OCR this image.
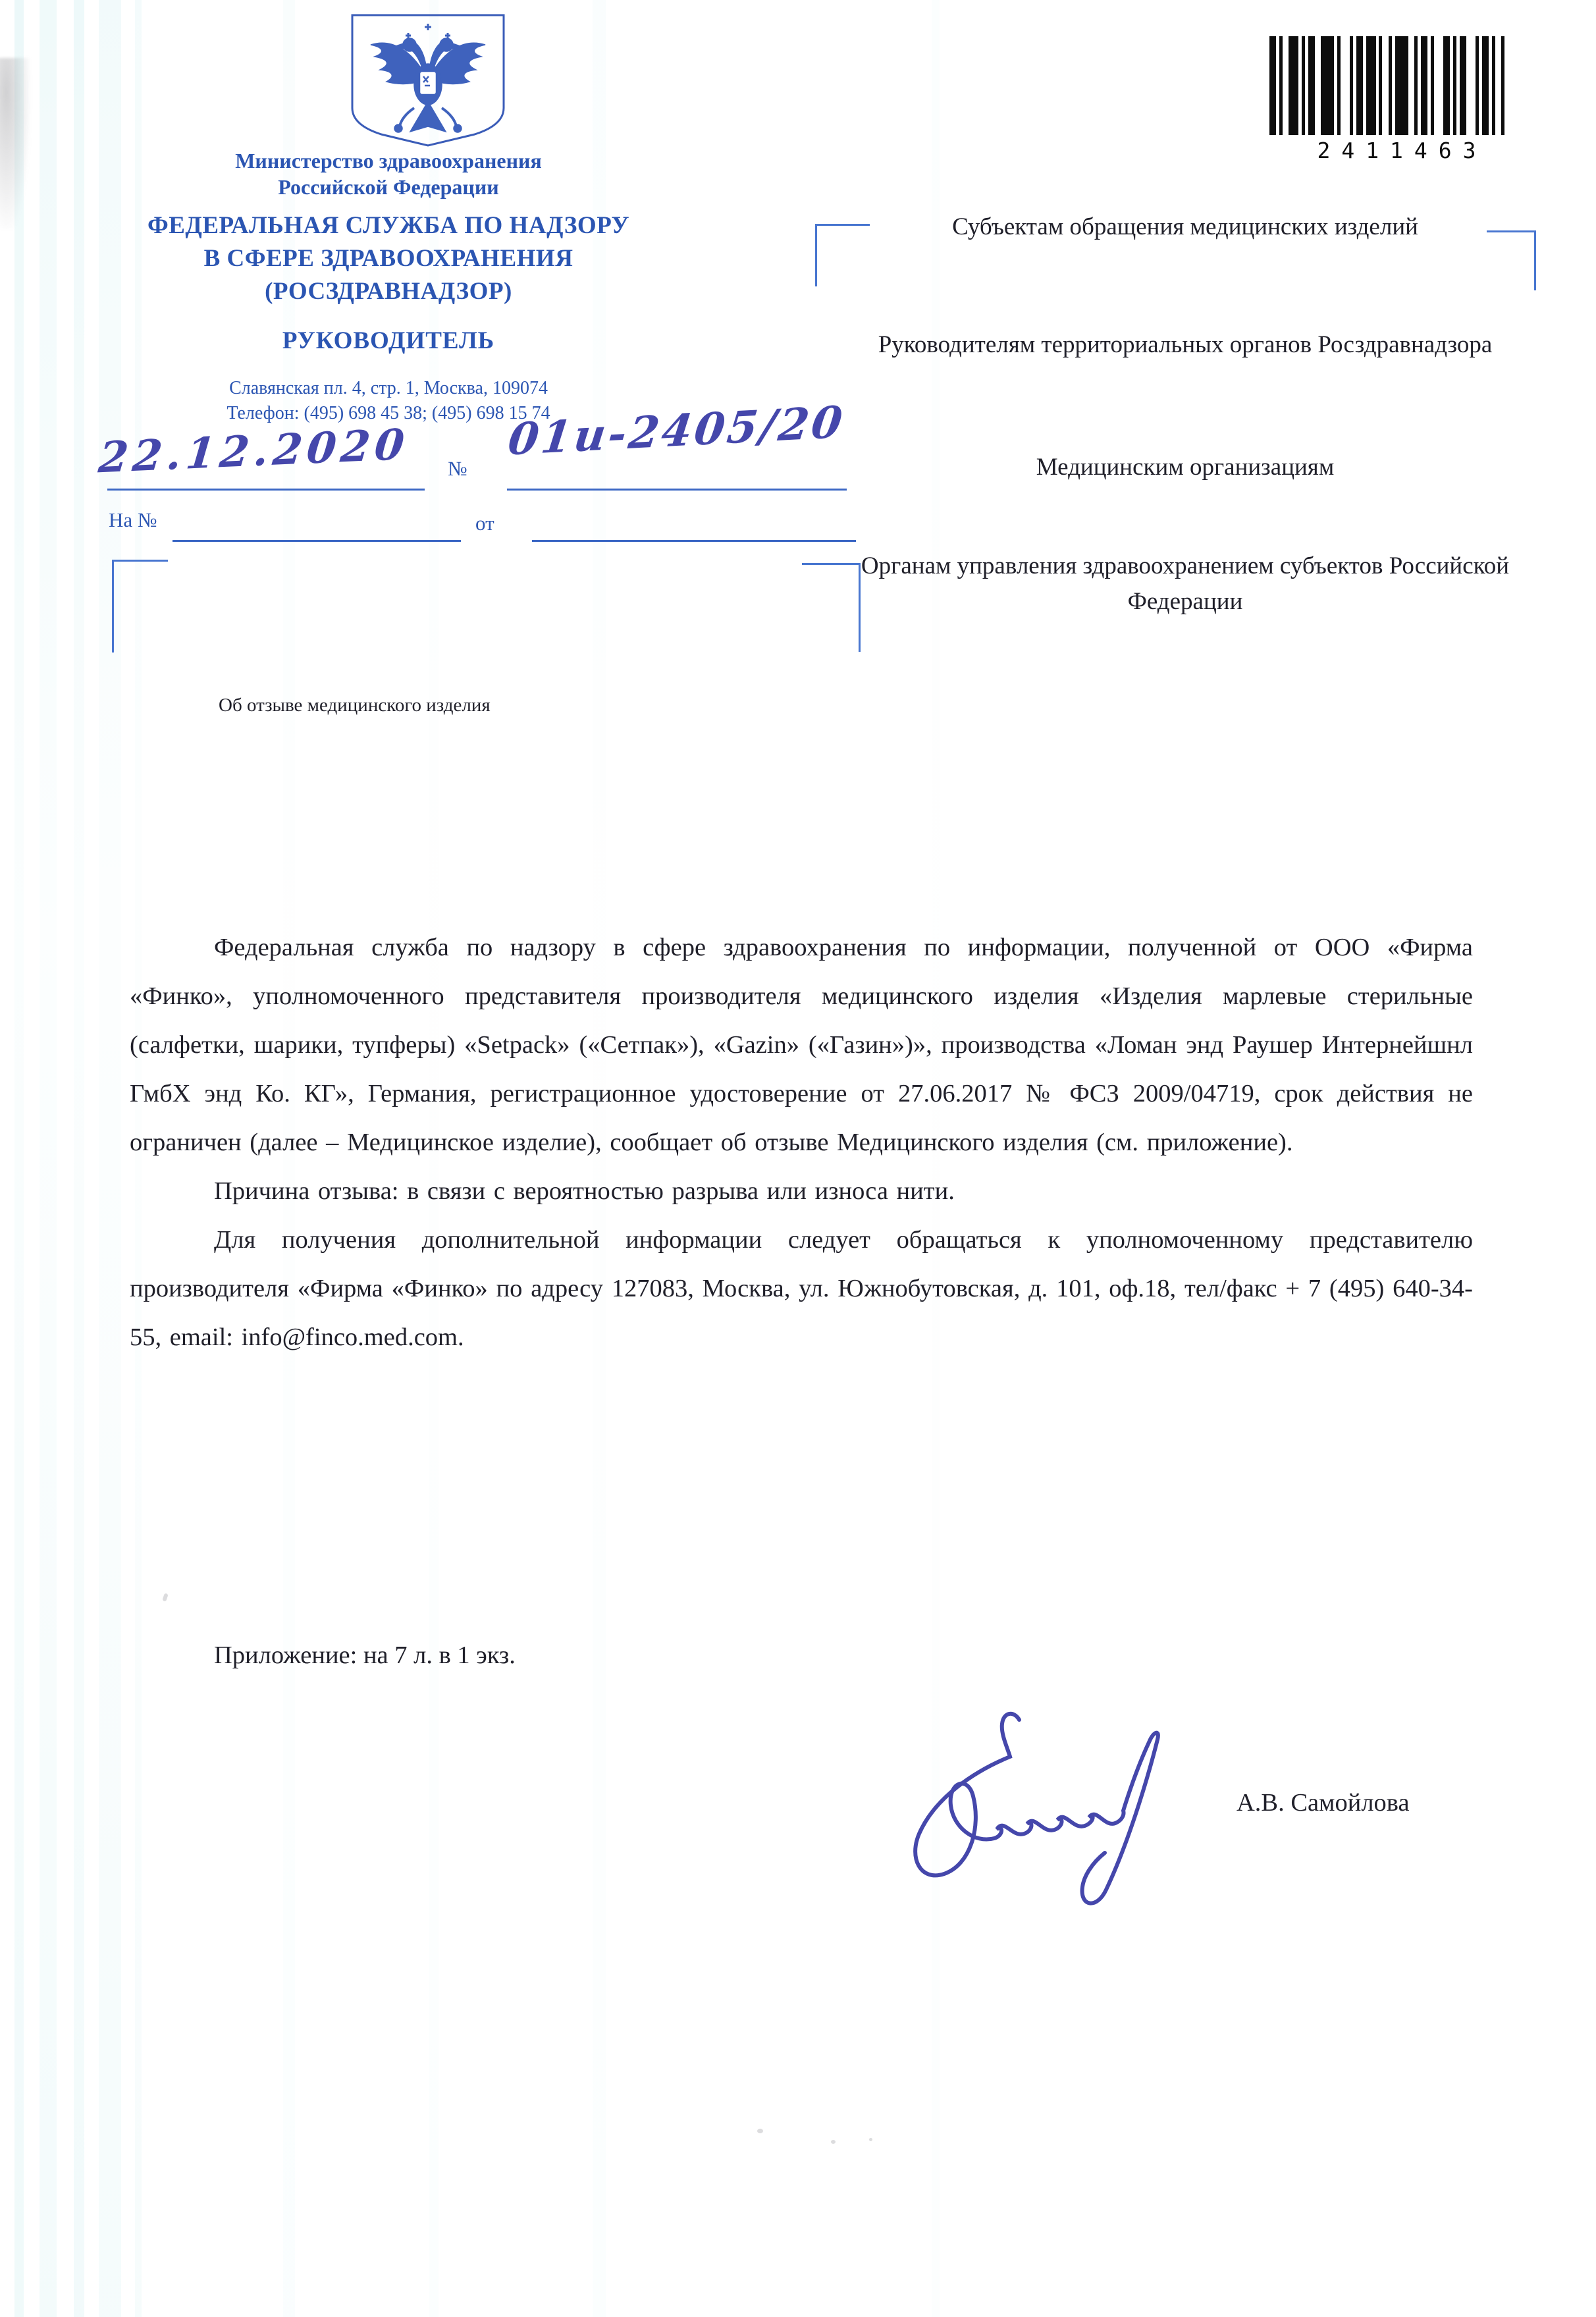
Министерство здравоохранения
Российской Федерации
ФЕДЕРАЛЬНАЯ СЛУЖБА ПО НАДЗОРУ
В СФЕРЕ ЗДРАВООХРАНЕНИЯ
(РОСЗДРАВНАДЗОР)
РУКОВОДИТЕЛЬ
Славянская пл. 4, стр. 1, Москва, 109074
Телефон: (495) 698 45 38; (495) 698 15 74
22.12.2020 №
01и-2405/20
На №	от
2411463
Субъектам обращения медицинских изделий
Руководителям территориальных органов Росздравнадзора
Медицинским организациям
Органам управления здравоохранением субъектов Российской Федерации
Об отзыве медицинского изделия

Федеральная служба по надзору в сфере здравоохранения по информации, полученной от ООО «Фирма «Финко», уполномоченного представителя производителя медицинского изделия «Изделия марлевые стерильные (салфетки, шарики, тупферы) «Setpack» («Сетпак»), «Gazin» («Газин»)», производства «Ломан энд Раушер Интернейшнл ГмбХ энд Ко. КГ», Германия, регистрационное удостоверение от 27.06.2017 № ФСЗ 2009/04719, срок действия не ограничен (далее – Медицинское изделие), сообщает об отзыве Медицинского изделия (см. приложение).

Причина отзыва: в связи с вероятностью разрыва или износа нити.

Для получения дополнительной информации следует обращаться к уполномоченному представителю производителя «Фирма «Финко» по адресу 127083, Москва, ул. Южнобутовская, д. 101, оф.18, тел/факс + 7 (495) 640-34-55, email: info@finco.med.com.

Приложение: на 7 л. в 1 экз.
А.В. Самойлова
